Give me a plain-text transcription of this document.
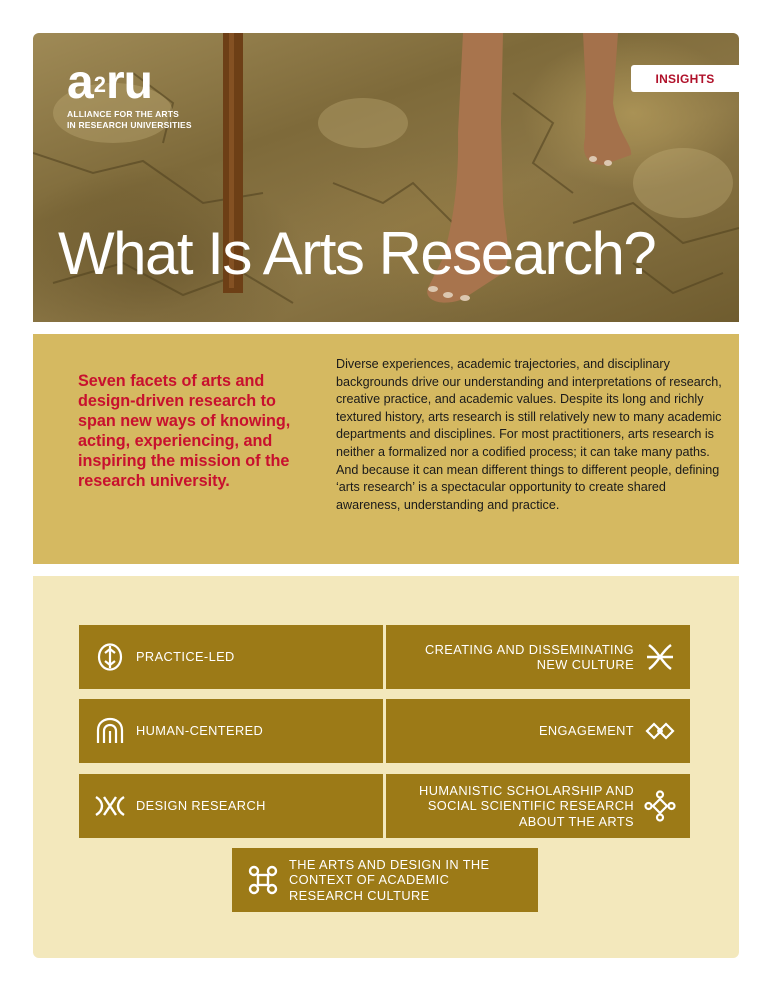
$a^2ru$
ALLIANCE FOR THE ARTS
IN RESEARCH UNIVERSITIES
INSIGHTS
What Is Arts Research?
Seven facets of arts and design-driven research to span new ways of knowing, acting, experiencing, and inspiring the mission of the research university.
Diverse experiences, academic trajectories, and disciplinary backgrounds drive our understanding and interpretations of research, creative practice, and academic values. Despite its long and richly textured history, arts research is still relatively new to many academic departments and disciplines. For most practitioners, arts research is neither a formalized nor a codified process; it can take many paths. And because it can mean different things to different people, defining ‘arts research’ is a spectacular opportunity to create shared awareness, understanding and practice.
PRACTICE-LED
CREATING AND DISSEMINATING NEW CULTURE
HUMAN-CENTERED	ENGAGEMENT
DESIGN RESEARCH
HUMANISTIC SCHOLARSHIP AND SOCIAL SCIENTIFIC RESEARCH ABOUT THE ARTS
THE ARTS AND DESIGN IN THE CONTEXT OF ACADEMIC RESEARCH CULTURE
